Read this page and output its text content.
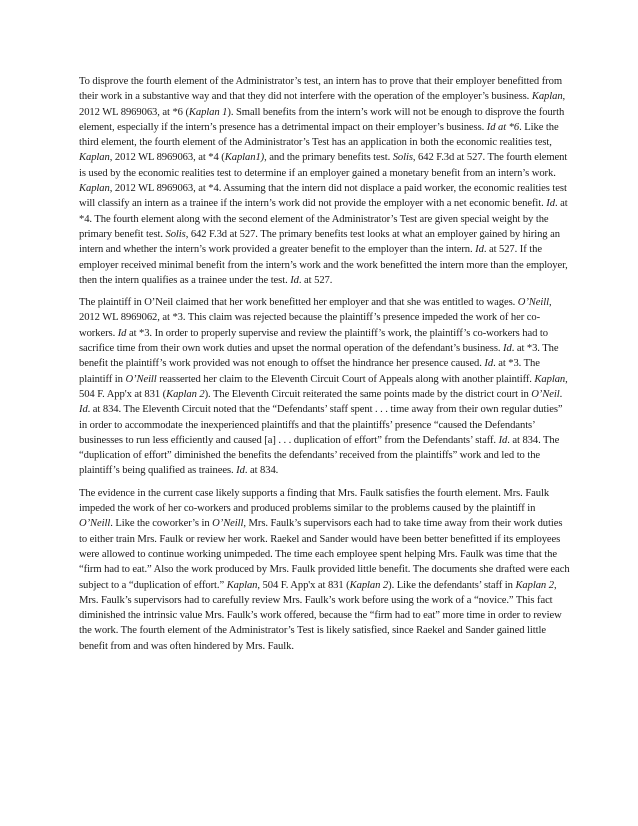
To disprove the fourth element of the Administrator’s test, an intern has to prove that their employer benefitted from their work in a substantive way and that they did not interfere with the operation of the employer’s business. Kaplan, 2012 WL 8969063, at *6 (Kaplan 1). Small benefits from the intern’s work will not be enough to disprove the fourth element, especially if the intern’s presence has a detrimental impact on their employer’s business. Id at *6. Like the third element, the fourth element of the Administrator’s Test has an application in both the economic realities test, Kaplan, 2012 WL 8969063, at *4 (Kaplan1), and the primary benefits test. Solis, 642 F.3d at 527. The fourth element is used by the economic realities test to determine if an employer gained a monetary benefit from an intern’s work. Kaplan, 2012 WL 8969063, at *4. Assuming that the intern did not displace a paid worker, the economic realities test will classify an intern as a trainee if the intern’s work did not provide the employer with a net economic benefit. Id. at *4. The fourth element along with the second element of the Administrator’s Test are given special weight by the primary benefit test. Solis, 642 F.3d at 527. The primary benefits test looks at what an employer gained by hiring an intern and whether the intern’s work provided a greater benefit to the employer than the intern. Id. at 527. If the employer received minimal benefit from the intern’s work and the work benefitted the intern more than the employer, then the intern qualifies as a trainee under the test. Id. at 527.

The plaintiff in O’Neil claimed that her work benefitted her employer and that she was entitled to wages. O’Neill, 2012 WL 8969062, at *3. This claim was rejected because the plaintiff’s presence impeded the work of her co-workers. Id at *3. In order to properly supervise and review the plaintiff’s work, the plaintiff’s co-workers had to sacrifice time from their own work duties and upset the normal operation of the defendant’s business. Id. at *3. The benefit the plaintiff’s work provided was not enough to offset the hindrance her presence caused. Id. at *3. The plaintiff in O’Neill reasserted her claim to the Eleventh Circuit Court of Appeals along with another plaintiff. Kaplan, 504 F. App'x at 831 (Kaplan 2). The Eleventh Circuit reiterated the same points made by the district court in O’Neil. Id. at 834. The Eleventh Circuit noted that the “Defendants’ staff spent . . . time away from their own regular duties” in order to accommodate the inexperienced plaintiffs and that the plaintiffs’ presence “caused the Defendants’ businesses to run less efficiently and caused [a] . . . duplication of effort” from the Defendants’ staff. Id. at 834. The “duplication of effort” diminished the benefits the defendants’ received from the plaintiffs” work and led to the plaintiff’s being qualified as trainees. Id. at 834.

The evidence in the current case likely supports a finding that Mrs. Faulk satisfies the fourth element. Mrs. Faulk impeded the work of her co-workers and produced problems similar to the problems caused by the plaintiff in O’Neill. Like the coworker’s in O’Neill, Mrs. Faulk’s supervisors each had to take time away from their work duties to either train Mrs. Faulk or review her work. Raekel and Sander would have been better benefitted if its employees were allowed to continue working unimpeded. The time each employee spent helping Mrs. Faulk was time that the “firm had to eat.” Also the work produced by Mrs. Faulk provided little benefit. The documents she drafted were each subject to a “duplication of effort.” Kaplan, 504 F. App'x at 831 (Kaplan 2). Like the defendants’ staff in Kaplan 2, Mrs. Faulk’s supervisors had to carefully review Mrs. Faulk’s work before using the work of a “novice.” This fact diminished the intrinsic value Mrs. Faulk’s work offered, because the “firm had to eat” more time in order to review the work. The fourth element of the Administrator’s Test is likely satisfied, since Raekel and Sander gained little benefit from and was often hindered by Mrs. Faulk.
